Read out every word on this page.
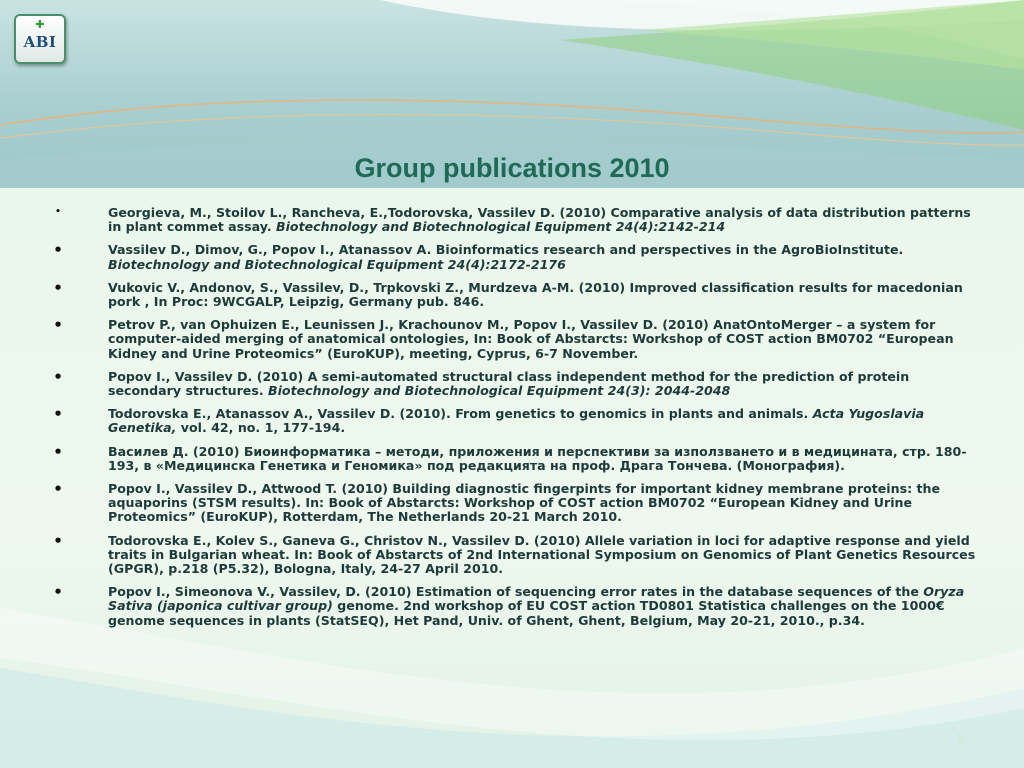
✚
ABI
Group publications 2010
•	Georgieva, M., Stoilov L., Rancheva, E.,Todorovska, Vassilev D. (2010) Comparative analysis of data distribution patterns in plant commet assay. Biotechnology and Biotechnological Equipment 24(4):2142-214
•	Vassilev D., Dimov, G., Popov I., Atanassov A. Bioinformatics research and perspectives in the AgroBioInstitute. Biotechnology and Biotechnological Equipment 24(4):2172-2176
•	Vukovic V., Andonov, S., Vassilev, D., Trpkovski Z., Murdzeva A-M. (2010) Improved classification results for macedonian pork , In Proc: 9WCGALP, Leipzig, Germany pub. 846.
•	Petrov P., van Ophuizen E., Leunissen J., Krachounov M., Popov I., Vassilev D. (2010) AnatOntoMerger – a system for computer-aided merging of anatomical ontologies, In: Book of Abstarcts: Workshop of COST action BM0702 “European Kidney and Urine Proteomics” (EuroKUP), meeting, Cyprus, 6-7 November.
•	Popov I., Vassilev D. (2010) A semi-automated structural class independent method for the prediction of protein secondary structures. Biotechnology and Biotechnological Equipment 24(3): 2044-2048
•	Todorovska E., Atanassov A., Vassilev D. (2010). From genetics to genomics in plants and animals. Acta Yugoslavia Genetika, vol. 42, no. 1, 177-194.
•	Василев Д. (2010) Биоинформатика – методи, приложения и перспективи за използването и в медицината, стр. 180-193, в «Медицинска Генетика и Геномика» под редакцията на проф. Драга Тончева. (Монография).
•	Popov I., Vassilev D., Attwood T. (2010) Building diagnostic fingerpints for important kidney membrane proteins: the aquaporins (STSM results). In: Book of Abstarcts: Workshop of COST action BM0702 “European Kidney and Urine Proteomics” (EuroKUP), Rotterdam, The Netherlands 20-21 March 2010.
•	Todorovska E., Kolev S., Ganeva G., Christov N., Vassilev D. (2010) Allele variation in loci for adaptive response and yield traits in Bulgarian wheat. In: Book of Abstarcts of 2nd International Symposium on Genomics of Plant Genetics Resources (GPGR), p.218 (P5.32), Bologna, Italy, 24-27 April 2010.
•	Popov I., Simeonova V., Vassilev, D. (2010) Estimation of sequencing error rates in the database sequences of the Oryza Sativa (japonica cultivar group) genome. 2nd workshop of EU COST action TD0801 Statistica challenges on the 1000€ genome sequences in plants (StatSEQ), Het Pand, Univ. of Ghent, Ghent, Belgium, May 20-21, 2010., p.34.
5
